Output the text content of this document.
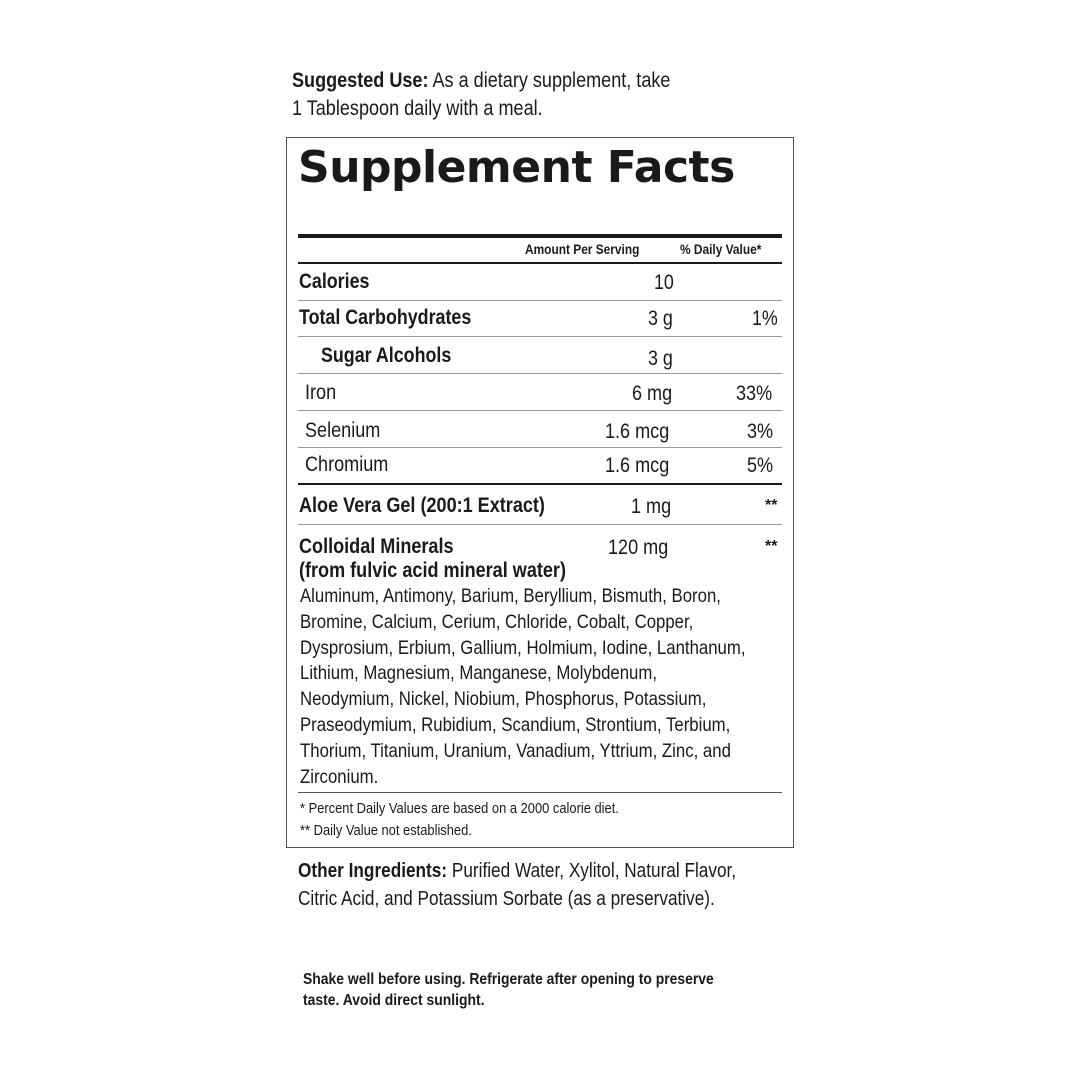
Suggested Use: As a dietary supplement, take
1 Tablespoon daily with a meal.
Supplement Facts
Amount Per Serving	% Daily Value*
Calories	10
Total Carbohydrates	3 g	1%
Sugar Alcohols	3 g
Iron	6 mg	33%
Selenium	1.6 mcg	3%
Chromium	1.6 mcg	5%
Aloe Vera Gel (200:1 Extract)	1 mg	**
Colloidal Minerals
(from fulvic acid mineral water)
120 mg	**
Aluminum, Antimony, Barium, Beryllium, Bismuth, Boron,
Bromine, Calcium, Cerium, Chloride, Cobalt, Copper,
Dysprosium, Erbium, Gallium, Holmium, Iodine, Lanthanum,
Lithium, Magnesium, Manganese, Molybdenum,
Neodymium, Nickel, Niobium, Phosphorus, Potassium,
Praseodymium, Rubidium, Scandium, Strontium, Terbium,
Thorium, Titanium, Uranium, Vanadium, Yttrium, Zinc, and
Zirconium.
* Percent Daily Values are based on a 2000 calorie diet.
** Daily Value not established.
Other Ingredients: Purified Water, Xylitol, Natural Flavor,
Citric Acid, and Potassium Sorbate (as a preservative).
Shake well before using. Refrigerate after opening to preserve
taste. Avoid direct sunlight.
